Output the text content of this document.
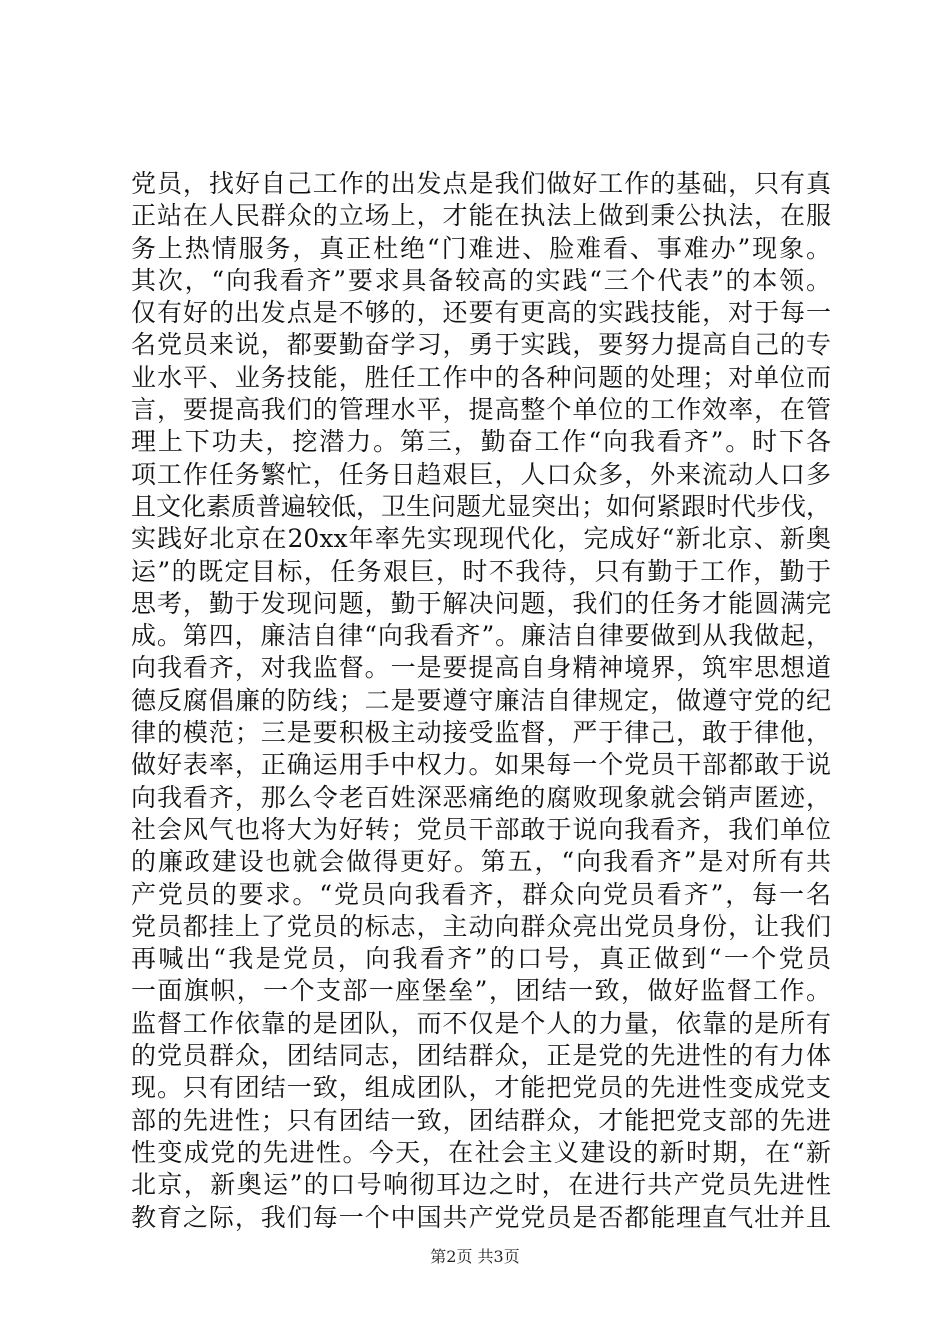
党员，找好自己工作的出发点是我们做好工作的基础，只有真
正站在人民群众的立场上，才能在执法上做到秉公执法，在服
务上热情服务，真正杜绝“门难进、脸难看、事难办”现象。
其次，“向我看齐”要求具备较高的实践“三个代表”的本领。
仅有好的出发点是不够的，还要有更高的实践技能，对于每一
名党员来说，都要勤奋学习，勇于实践，要努力提高自己的专
业水平、业务技能，胜任工作中的各种问题的处理；对单位而
言，要提高我们的管理水平，提高整个单位的工作效率，在管
理上下功夫，挖潜力。第三，勤奋工作“向我看齐”。时下各
项工作任务繁忙，任务日趋艰巨，人口众多，外来流动人口多
且文化素质普遍较低，卫生问题尤显突出；如何紧跟时代步伐，
实践好北京在20xx年率先实现现代化，完成好“新北京、新奥
运”的既定目标，任务艰巨，时不我待，只有勤于工作，勤于
思考，勤于发现问题，勤于解决问题，我们的任务才能圆满完
成。第四，廉洁自律“向我看齐”。廉洁自律要做到从我做起，
向我看齐，对我监督。一是要提高自身精神境界，筑牢思想道
德反腐倡廉的防线；二是要遵守廉洁自律规定，做遵守党的纪
律的模范；三是要积极主动接受监督，严于律己，敢于律他，
做好表率，正确运用手中权力。如果每一个党员干部都敢于说
向我看齐，那么令老百姓深恶痛绝的腐败现象就会销声匿迹，
社会风气也将大为好转；党员干部敢于说向我看齐，我们单位
的廉政建设也就会做得更好。第五，“向我看齐”是对所有共
产党员的要求。“党员向我看齐，群众向党员看齐”，每一名
党员都挂上了党员的标志，主动向群众亮出党员身份，让我们
再喊出“我是党员，向我看齐”的口号，真正做到“一个党员
一面旗帜，一个支部一座堡垒”，团结一致，做好监督工作。
监督工作依靠的是团队，而不仅是个人的力量，依靠的是所有
的党员群众，团结同志，团结群众，正是党的先进性的有力体
现。只有团结一致，组成团队，才能把党员的先进性变成党支
部的先进性；只有团结一致，团结群众，才能把党支部的先进
性变成党的先进性。今天，在社会主义建设的新时期，在“新
北京，新奥运”的口号响彻耳边之时，在进行共产党员先进性
教育之际，我们每一个中国共产党党员是否都能理直气壮并且
第2页 共3页
